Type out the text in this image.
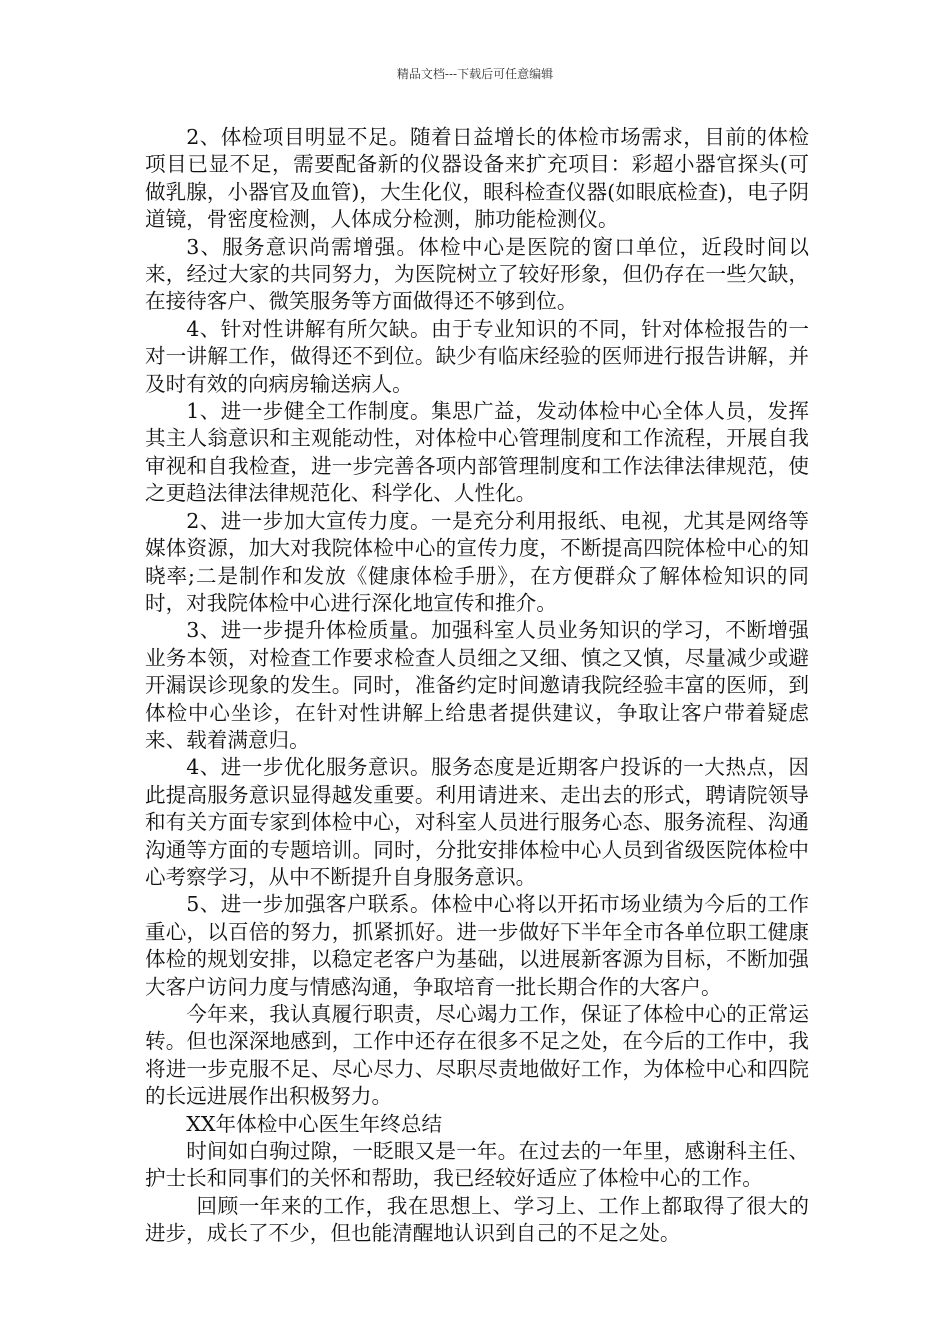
精品文档---下载后可任意编辑

2、体检项目明显不足。随着日益增长的体检市场需求，目前的体检项目已显不足，需要配备新的仪器设备来扩充项目：彩超小器官探头(可做乳腺，小器官及血管)，大生化仪，眼科检查仪器(如眼底检查)，电子阴道镜，骨密度检测，人体成分检测，肺功能检测仪。

3、服务意识尚需增强。体检中心是医院的窗口单位，近段时间以来，经过大家的共同努力，为医院树立了较好形象，但仍存在一些欠缺，在接待客户、微笑服务等方面做得还不够到位。

4、针对性讲解有所欠缺。由于专业知识的不同，针对体检报告的一对一讲解工作，做得还不到位。缺少有临床经验的医师进行报告讲解，并及时有效的向病房输送病人。

1、进一步健全工作制度。集思广益，发动体检中心全体人员，发挥其主人翁意识和主观能动性，对体检中心管理制度和工作流程，开展自我审视和自我检查，进一步完善各项内部管理制度和工作法律法律规范，使之更趋法律法律规范化、科学化、人性化。

2、进一步加大宣传力度。一是充分利用报纸、电视，尤其是网络等媒体资源，加大对我院体检中心的宣传力度，不断提高四院体检中心的知晓率;二是制作和发放《健康体检手册》，在方便群众了解体检知识的同时，对我院体检中心进行深化地宣传和推介。

3、进一步提升体检质量。加强科室人员业务知识的学习，不断增强业务本领，对检查工作要求检查人员细之又细、慎之又慎，尽量减少或避开漏误诊现象的发生。同时，准备约定时间邀请我院经验丰富的医师，到体检中心坐诊，在针对性讲解上给患者提供建议，争取让客户带着疑虑来、载着满意归。

4、进一步优化服务意识。服务态度是近期客户投诉的一大热点，因此提高服务意识显得越发重要。利用请进来、走出去的形式，聘请院领导和有关方面专家到体检中心，对科室人员进行服务心态、服务流程、沟通沟通等方面的专题培训。同时，分批安排体检中心人员到省级医院体检中心考察学习，从中不断提升自身服务意识。

5、进一步加强客户联系。体检中心将以开拓市场业绩为今后的工作重心，以百倍的努力，抓紧抓好。进一步做好下半年全市各单位职工健康体检的规划安排，以稳定老客户为基础，以进展新客源为目标，不断加强大客户访问力度与情感沟通，争取培育一批长期合作的大客户。

今年来，我认真履行职责，尽心竭力工作，保证了体检中心的正常运转。但也深深地感到，工作中还存在很多不足之处，在今后的工作中，我将进一步克服不足、尽心尽力、尽职尽责地做好工作，为体检中心和四院的长远进展作出积极努力。

XX年体检中心医生年终总结

时间如白驹过隙，一眨眼又是一年。在过去的一年里，感谢科主任、护士长和同事们的关怀和帮助，我已经较好适应了体检中心的工作。

回顾一年来的工作，我在思想上、学习上、工作上都取得了很大的进步，成长了不少，但也能清醒地认识到自己的不足之处。
